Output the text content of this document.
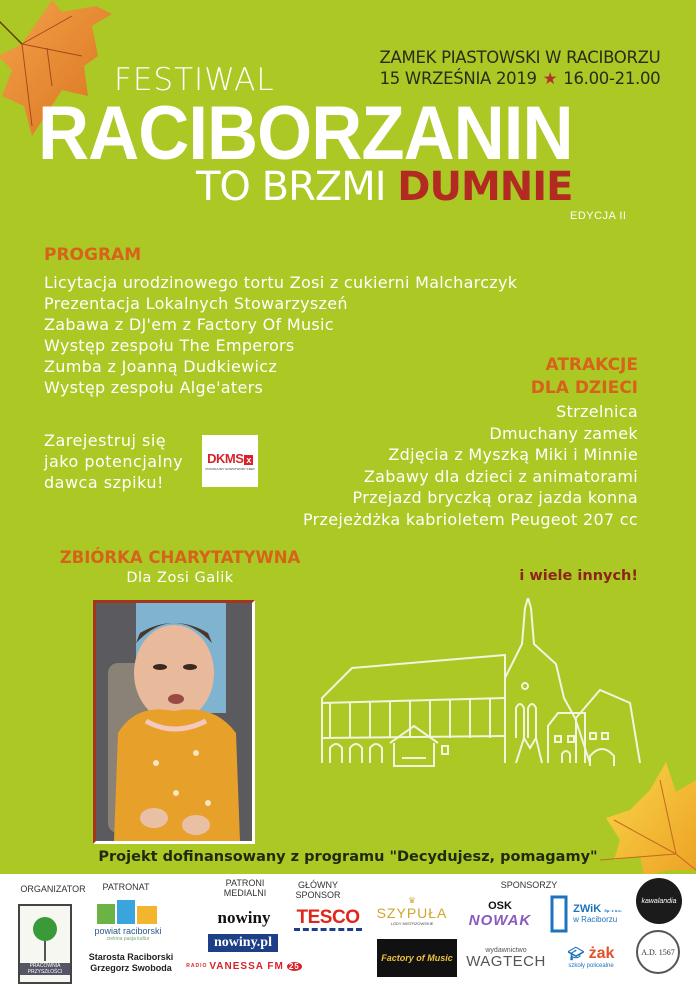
ZAMEK PIASTOWSKI W RACIBORZU
15 WRZEŚNIA 2019 ★ 16.00-21.00
FESTIWAL
RACIBORZANIN
TO BRZMI DUMNIE
EDYCJA II
PROGRAM
Licytacja urodzinowego tortu Zosi z cukierni Malcharczyk
Prezentacja Lokalnych Stowarzyszeń
Zabawa z DJ'em z Factory Of Music
Występ zespołu The Emperors
Zumba z Joanną Dudkiewicz
Występ zespołu Alge'aters
ATRAKCJE
DLA DZIECI
Strzelnica
Dmuchany zamek
Zdjęcia z Myszką Miki i Minnie
Zabawy dla dzieci z animatorami
Przejazd bryczką oraz jazda konna
Przejeżdżka kabrioletem Peugeot 207 cc
i wiele innych!
Zarejestruj się
jako potencjalny
dawca szpiku!
DKMS x
POKONAJMY NOWOTWORY KRWI
ZBIÓRKA CHARYTATYWNA
Dla Zosi Galik
Projekt dofinansowany z programu "Decydujesz, pomagamy"
ORGANIZATOR
PRACOWNIA PRZYSZŁOŚCI
PATRONAT
powiat raciborski
zielona pasja kultur
Starosta Raciborski
Grzegorz Swoboda
PATRONI
MEDIALNI
nowiny
nowiny.pl
RADIO VANESSA FM 25
GŁÓWNY
SPONSOR
TESCO
♛
SZYPUŁA
LODY MISTRZOWSKIE
SPONSORZY
OSK
NOWAK
ZWiK Sp. z o.o.
w Raciborzu
kawalandia
A.D. 1567
Factory of Music
wydawnictwo
WAGTECH 🎓︎ żak
szkoły policealne
